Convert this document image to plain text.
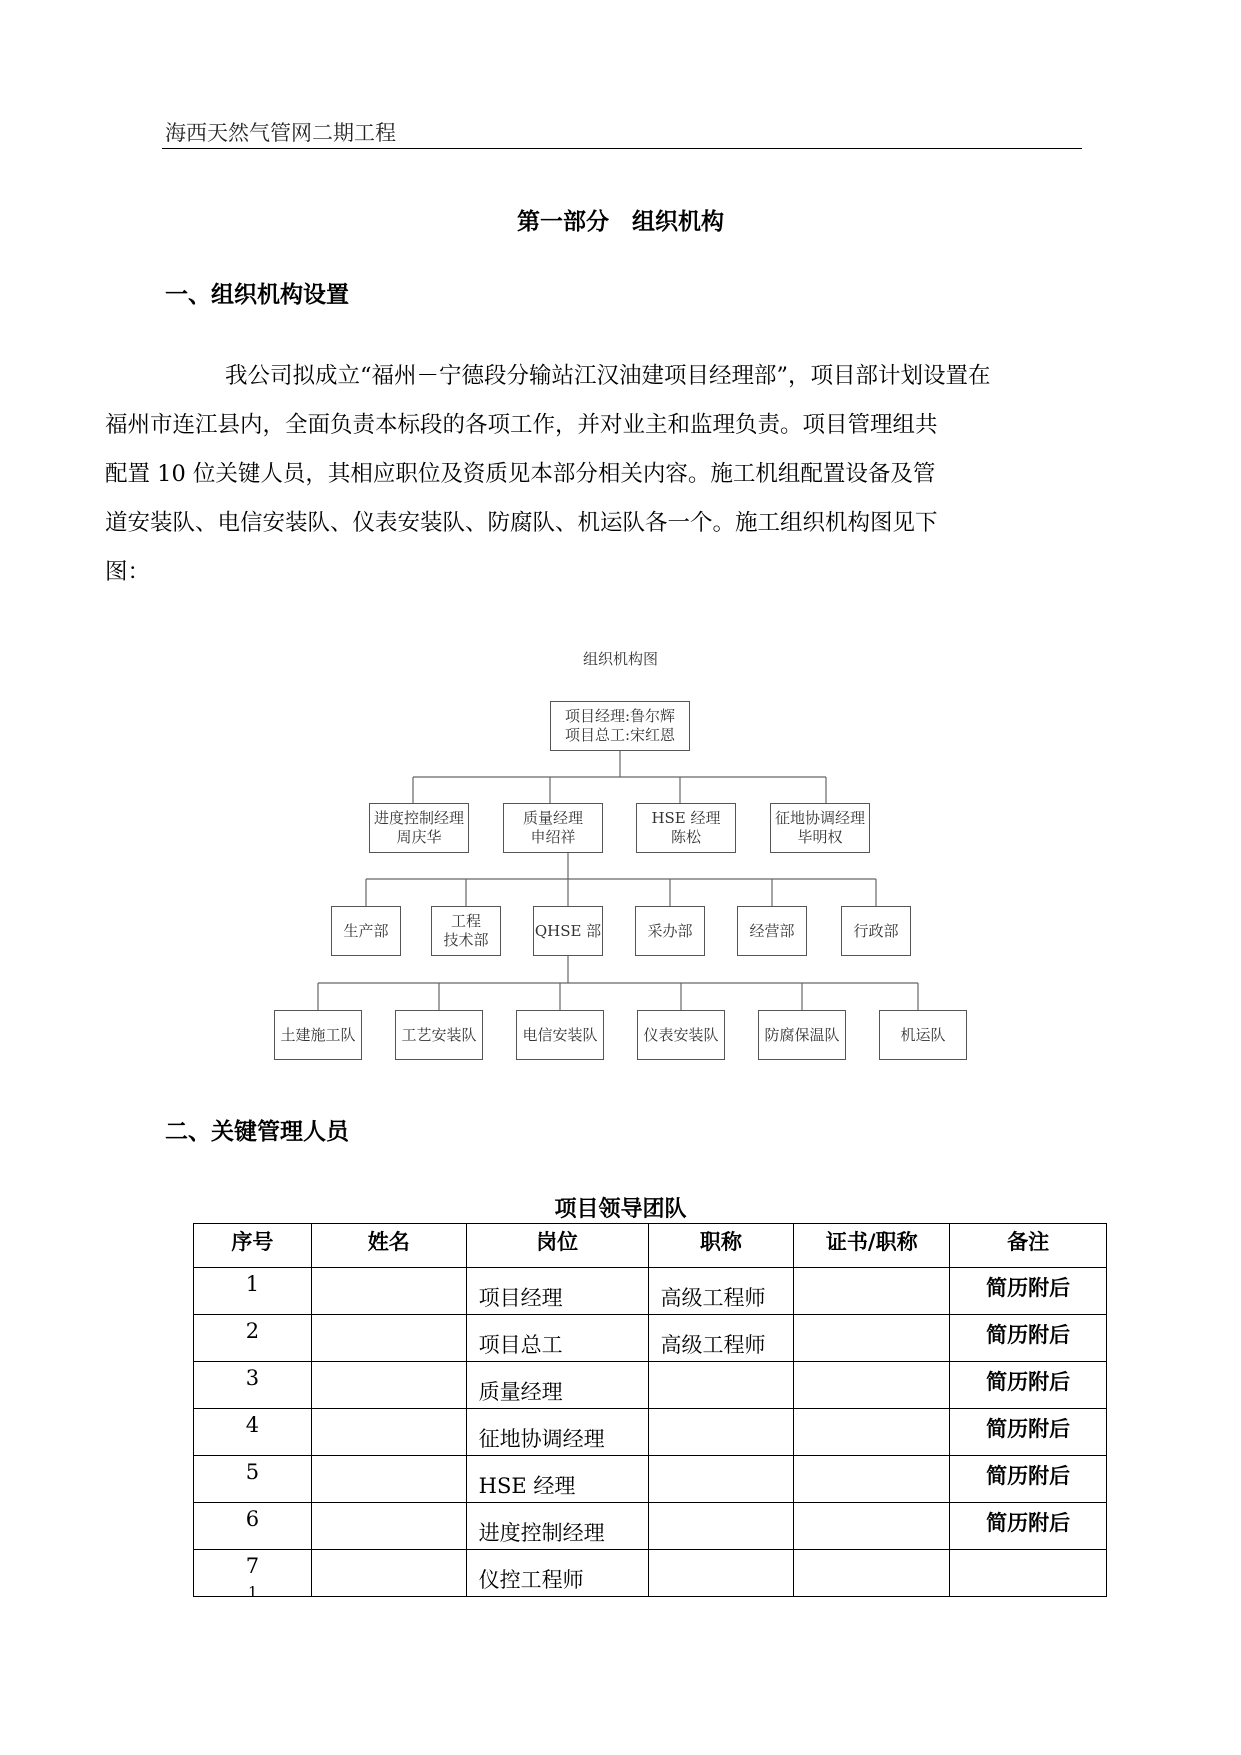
海西天然气管网二期工程
第一部分　组织机构
一、组织机构设置
我公司拟成立“福州－宁德段分输站江汉油建项目经理部”，项目部计划设置在
福州市连江县内，全面负责本标段的各项工作，并对业主和监理负责。项目管理组共
配置 10 位关键人员，其相应职位及资质见本部分相关内容。施工机组配置设备及管
道安装队、电信安装队、仪表安装队、防腐队、机运队各一个。施工组织机构图见下
图：
组织机构图
项目经理:鲁尔辉
项目总工:宋红恩
进度控制经理
周庆华
质量经理
申绍祥
HSE 经理
陈松
征地协调经理
毕明权
生产部
工程
技术部
QHSE 部	采办部	经营部	行政部
土建施工队	工艺安装队	电信安装队	仪表安装队	防腐保温队	机运队
二、关键管理人员
项目领导团队
序号	姓名	岗位	职称	证书/职称	备注
1		项目经理	高级工程师		简历附后
2		项目总工	高级工程师		简历附后
3		质量经理			简历附后
4		征地协调经理			简历附后
5		HSE 经理			简历附后
6		进度控制经理			简历附后
7		仪控工程师			
1
